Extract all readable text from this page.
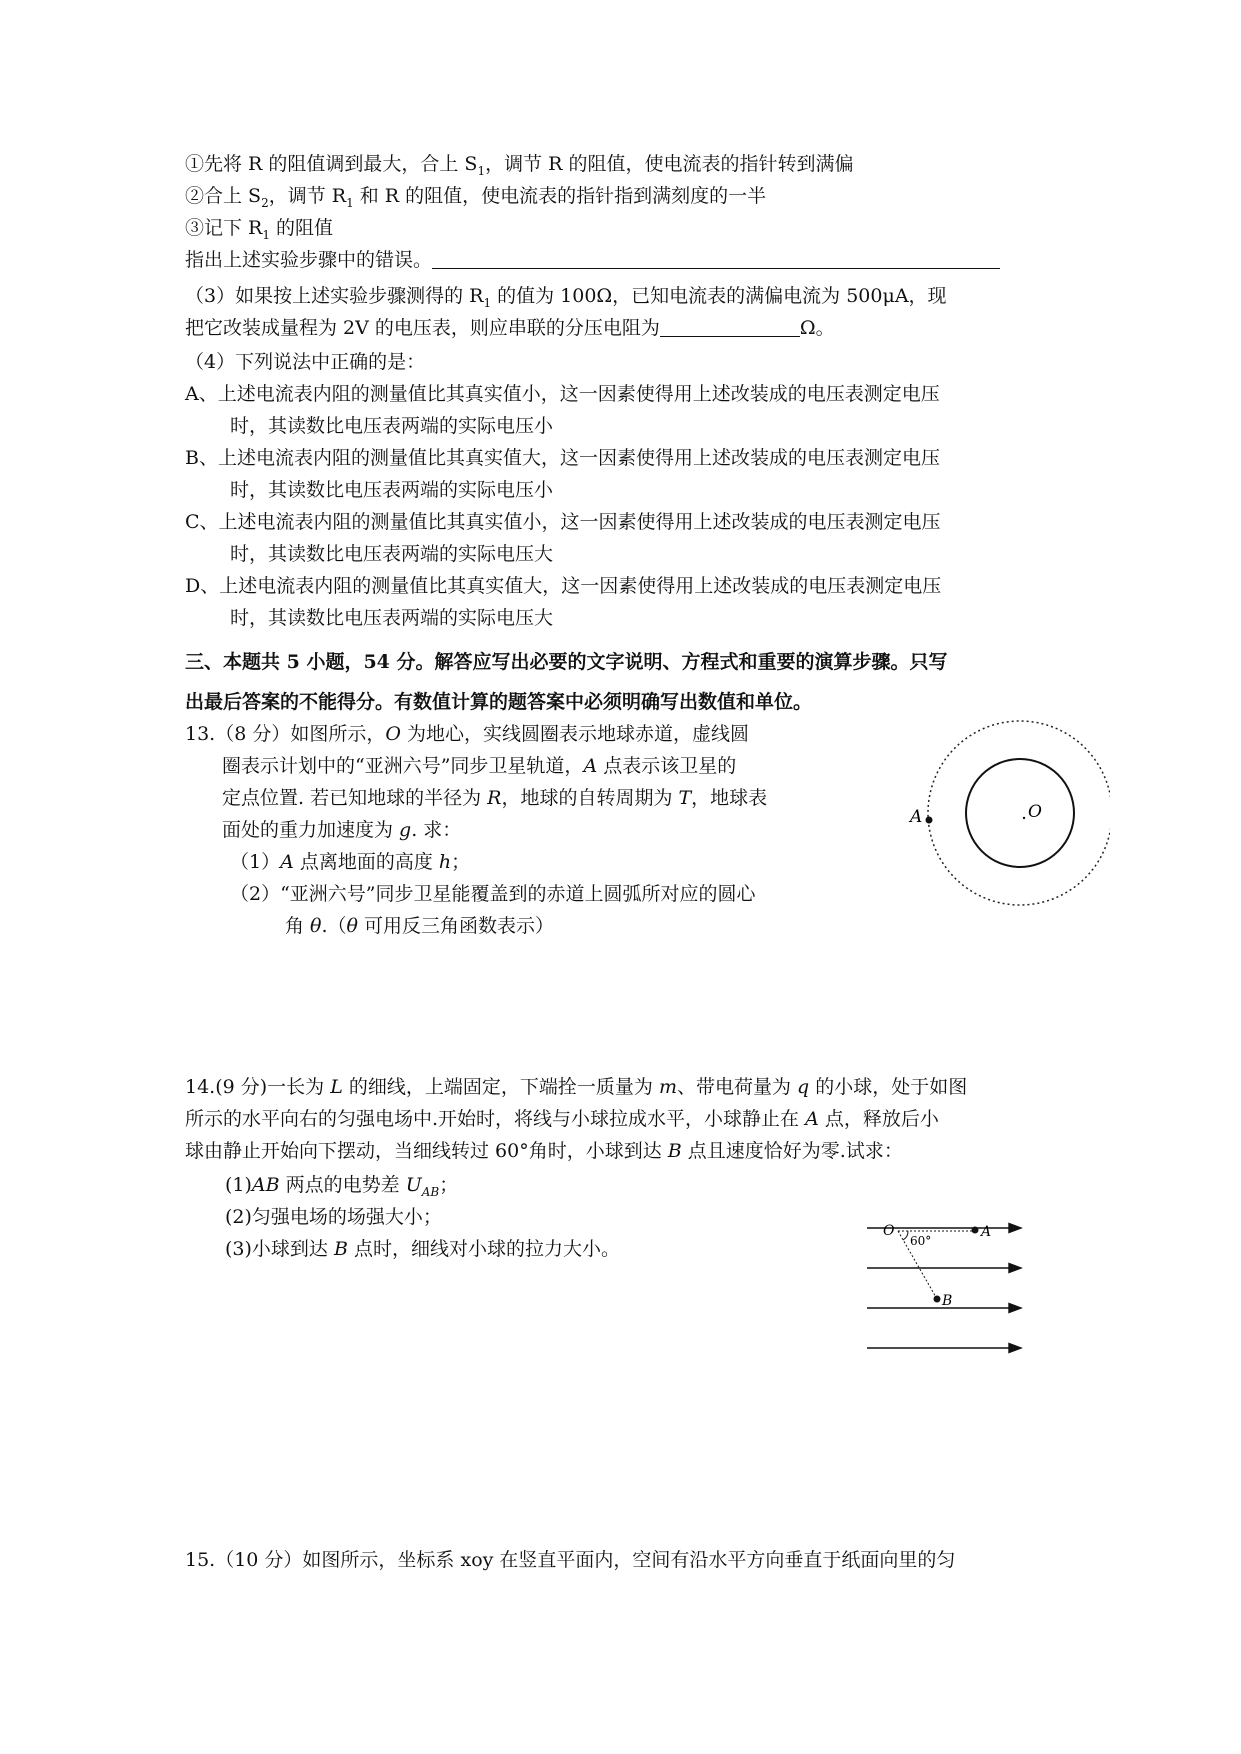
①先将 R 的阻值调到最大，合上 $S_1$，调节 R 的阻值，使电流表的指针转到满偏
②合上 $S_2$，调节 $R_1$ 和 R 的阻值，使电流表的指针指到满刻度的一半
③记下 $R_1$ 的阻值
指出上述实验步骤中的错误。
（3）如果按上述实验步骤测得的 $R_1$ 的值为 100Ω，已知电流表的满偏电流为 500μA，现
把它改装成量程为 2V 的电压表，则应串联的分压电阻为	Ω。
（4）下列说法中正确的是：
A、上述电流表内阻的测量值比其真实值小，这一因素使得用上述改装成的电压表测定电压
时，其读数比电压表两端的实际电压小
B、上述电流表内阻的测量值比其真实值大，这一因素使得用上述改装成的电压表测定电压
时，其读数比电压表两端的实际电压小
C、上述电流表内阻的测量值比其真实值小，这一因素使得用上述改装成的电压表测定电压
时，其读数比电压表两端的实际电压大
D、上述电流表内阻的测量值比其真实值大，这一因素使得用上述改装成的电压表测定电压
时，其读数比电压表两端的实际电压大
三、本题共 5 小题，54 分。解答应写出必要的文字说明、方程式和重要的演算步骤。只写
出最后答案的不能得分。有数值计算的题答案中必须明确写出数值和单位。
13.（8 分）如图所示，O 为地心，实线圆圈表示地球赤道，虚线圆
圈表示计划中的“亚洲六号”同步卫星轨道，A 点表示该卫星的
定点位置. 若已知地球的半径为 R，地球的自转周期为 T，地球表
面处的重力加速度为 g. 求：
（1）A 点离地面的高度 h；
（2）“亚洲六号”同步卫星能覆盖到的赤道上圆弧所对应的圆心
角 θ.（θ 可用反三角函数表示）
A	O
14.(9 分)一长为 L 的细线，上端固定，下端拴一质量为 m、带电荷量为 q 的小球，处于如图
所示的水平向右的匀强电场中.开始时，将线与小球拉成水平，小球静止在 A 点，释放后小
球由静止开始向下摆动，当细线转过 60°角时，小球到达 B 点且速度恰好为零.试求：
(1)AB 两点的电势差 $U_{AB}$；
(2)匀强电场的场强大小；
(3)小球到达 B 点时，细线对小球的拉力大小。
O
60°
A
B
15.（10 分）如图所示，坐标系 xoy 在竖直平面内，空间有沿水平方向垂直于纸面向里的匀
